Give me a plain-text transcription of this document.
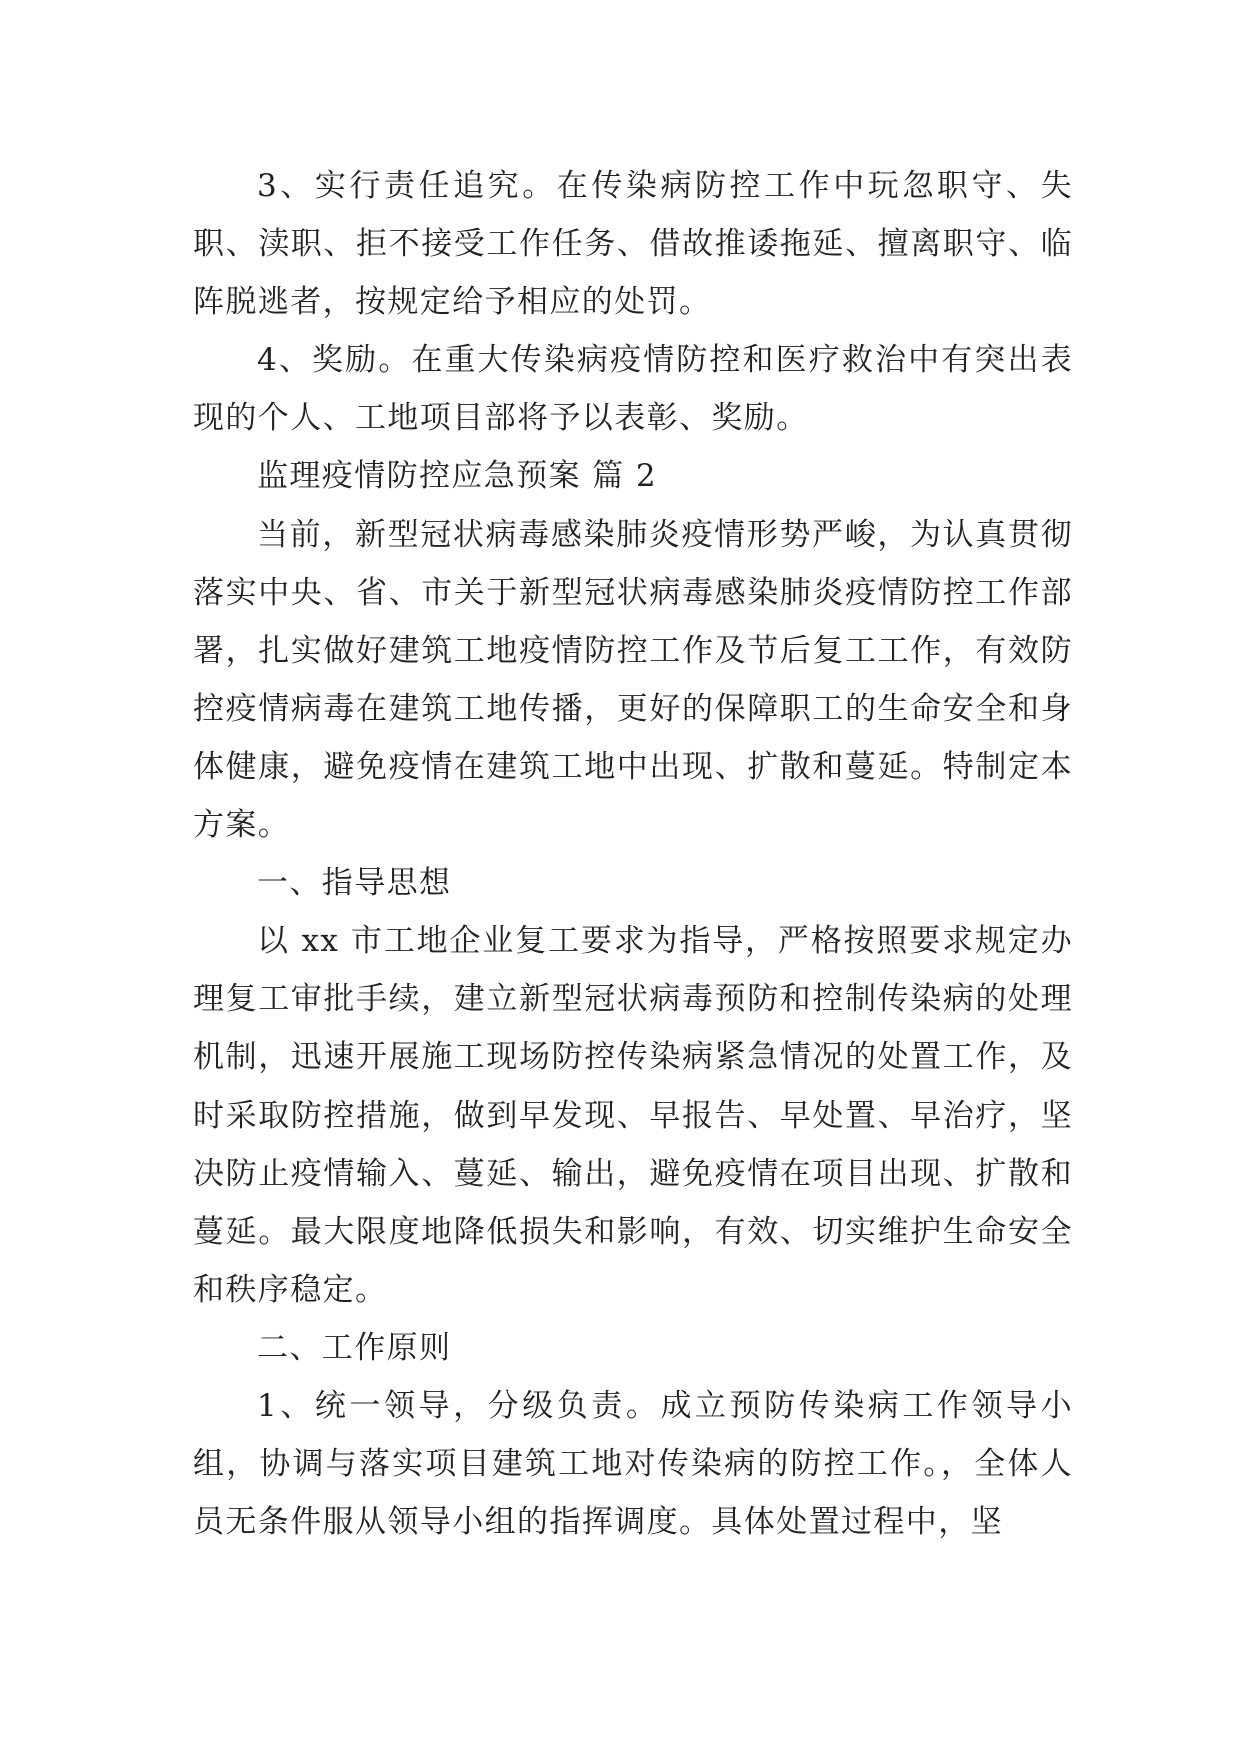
3、实行责任追究。在传染病防控工作中玩忽职守、失职、渎职、拒不接受工作任务、借故推诿拖延、擅离职守、临阵脱逃者，按规定给予相应的处罚。

4、奖励。在重大传染病疫情防控和医疗救治中有突出表现的个人、工地项目部将予以表彰、奖励。

监理疫情防控应急预案 篇 2

当前，新型冠状病毒感染肺炎疫情形势严峻，为认真贯彻落实中央、省、市关于新型冠状病毒感染肺炎疫情防控工作部署，扎实做好建筑工地疫情防控工作及节后复工工作，有效防控疫情病毒在建筑工地传播，更好的保障职工的生命安全和身体健康，避免疫情在建筑工地中出现、扩散和蔓延。特制定本方案。

一、指导思想

以 xx 市工地企业复工要求为指导，严格按照要求规定办理复工审批手续，建立新型冠状病毒预防和控制传染病的处理机制，迅速开展施工现场防控传染病紧急情况的处置工作，及时采取防控措施，做到早发现、早报告、早处置、早治疗，坚决防止疫情输入、蔓延、输出，避免疫情在项目出现、扩散和蔓延。最大限度地降低损失和影响，有效、切实维护生命安全和秩序稳定。

二、工作原则

1、统一领导，分级负责。成立预防传染病工作领导小组，协调与落实项目建筑工地对传染病的防控工作。，全体人员无条件服从领导小组的指挥调度。具体处置过程中，坚
